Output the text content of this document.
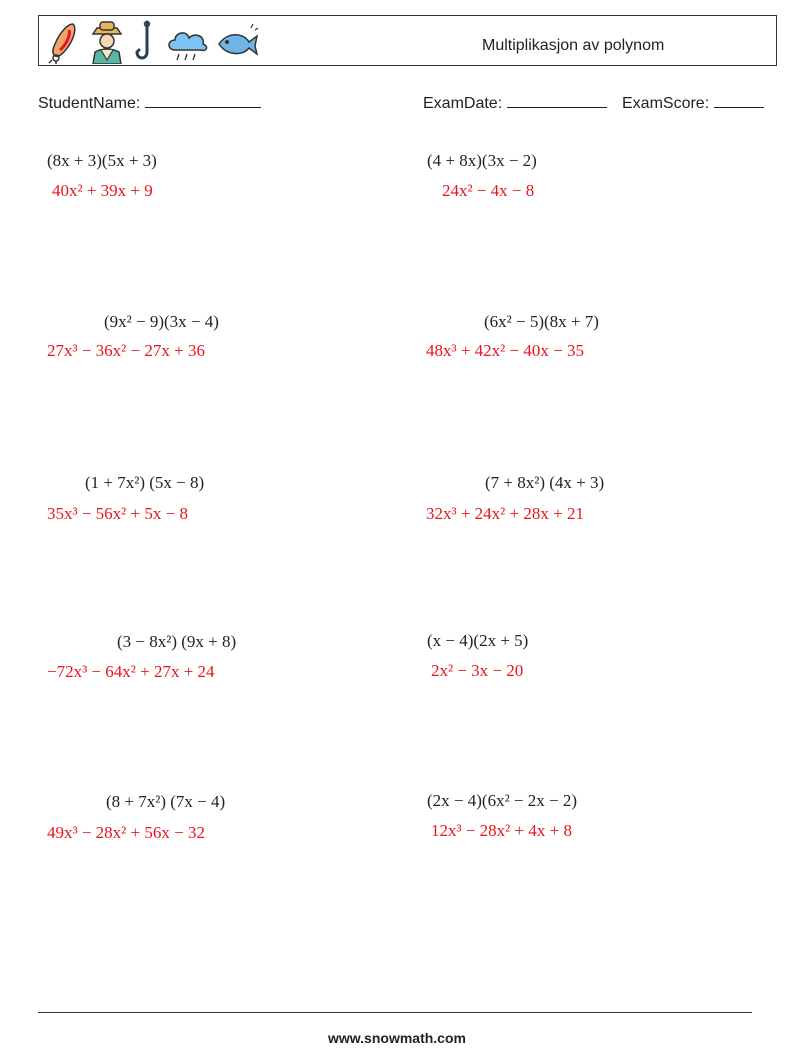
Multiplikasjon av polynom
StudentName:	ExamDate:	ExamScore:
(8x + 3)(5x + 3)
40x² + 39x + 9
(4 + 8x)(3x − 2)
24x² − 4x − 8
(9x² − 9)(3x − 4)
27x³ − 36x² − 27x + 36
(6x² − 5)(8x + 7)
48x³ + 42x² − 40x − 35
(1 + 7x²) (5x − 8)
35x³ − 56x² + 5x − 8
(7 + 8x²) (4x + 3)
32x³ + 24x² + 28x + 21
(3 − 8x²) (9x + 8)
−72x³ − 64x² + 27x + 24
(x − 4)(2x + 5)
2x² − 3x − 20
(8 + 7x²) (7x − 4)
49x³ − 28x² + 56x − 32
(2x − 4)(6x² − 2x − 2)
12x³ − 28x² + 4x + 8
www.snowmath.com
